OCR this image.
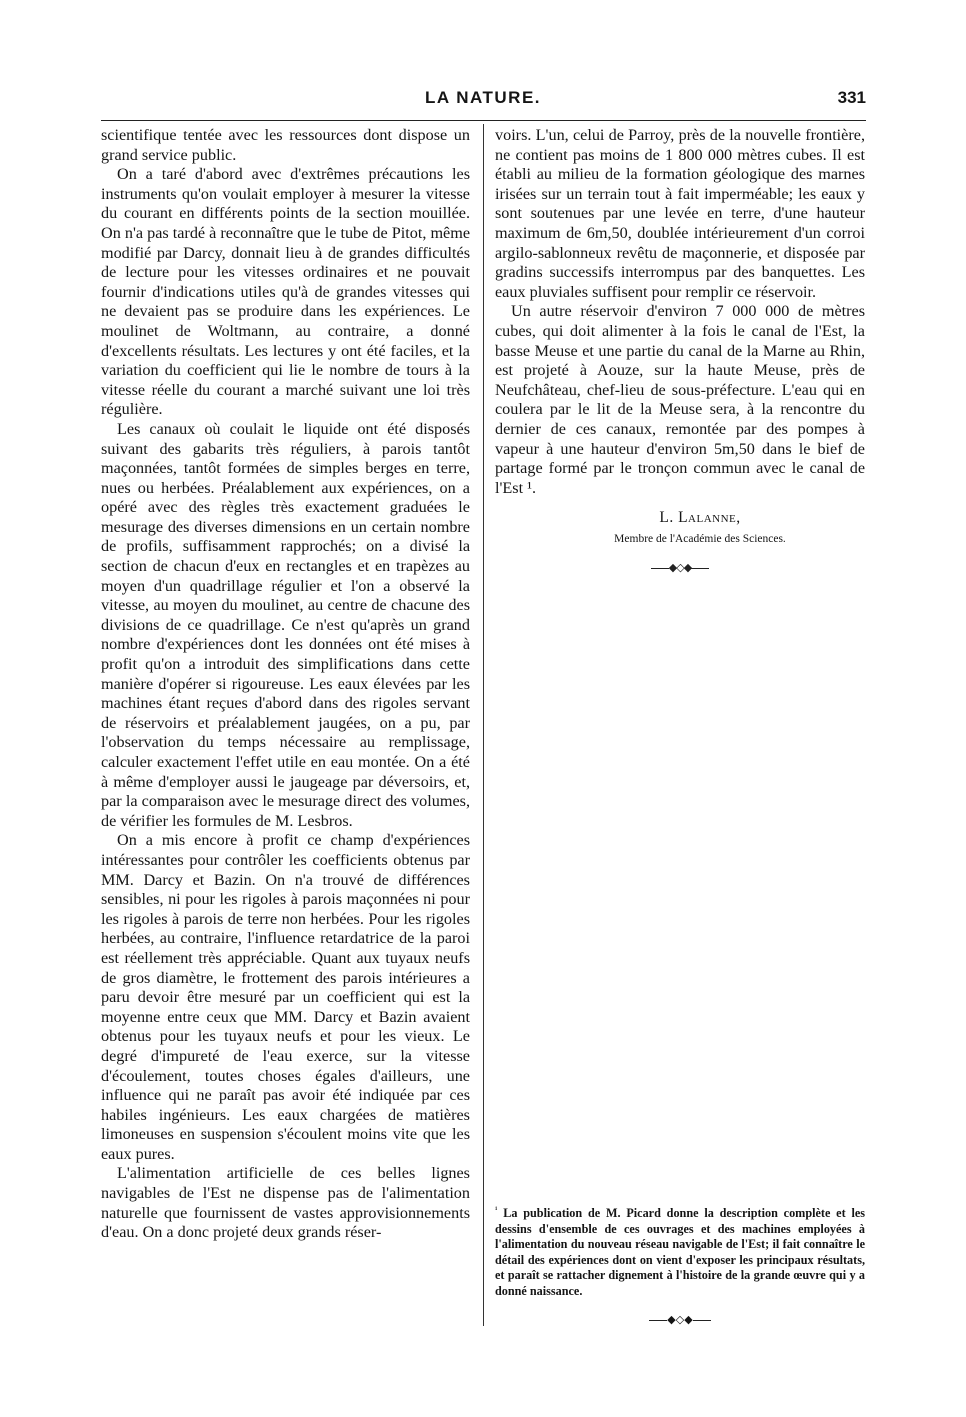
LA NATURE.	331

scientifique tentée avec les ressources dont dispose un grand service public.

On a taré d'abord avec d'extrêmes précautions les instruments qu'on voulait employer à mesurer la vitesse du courant en différents points de la section mouillée. On n'a pas tardé à reconnaître que le tube de Pitot, même modifié par Darcy, donnait lieu à de grandes difficultés de lecture pour les vitesses ordinaires et ne pouvait fournir d'indications utiles qu'à de grandes vitesses qui ne devaient pas se produire dans les expériences. Le moulinet de Woltmann, au contraire, a donné d'excellents résultats. Les lectures y ont été faciles, et la variation du coefficient qui lie le nombre de tours à la vitesse réelle du courant a marché suivant une loi très régulière.

Les canaux où coulait le liquide ont été disposés suivant des gabarits très réguliers, à parois tantôt maçonnées, tantôt formées de simples berges en terre, nues ou herbées. Préalablement aux expériences, on a opéré avec des règles très exactement graduées le mesurage des diverses dimensions en un certain nombre de profils, suffisamment rapprochés; on a divisé la section de chacun d'eux en rectangles et en trapèzes au moyen d'un quadrillage régulier et l'on a observé la vitesse, au moyen du moulinet, au centre de chacune des divisions de ce quadrillage. Ce n'est qu'après un grand nombre d'expériences dont les données ont été mises à profit qu'on a introduit des simplifications dans cette manière d'opérer si rigoureuse. Les eaux élevées par les machines étant reçues d'abord dans des rigoles servant de réservoirs et préalablement jaugées, on a pu, par l'observation du temps nécessaire au remplissage, calculer exactement l'effet utile en eau montée. On a été à même d'employer aussi le jaugeage par déversoirs, et, par la comparaison avec le mesurage direct des volumes, de vérifier les formules de M. Lesbros.

On a mis encore à profit ce champ d'expériences intéressantes pour contrôler les coefficients obtenus par MM. Darcy et Bazin. On n'a trouvé de différences sensibles, ni pour les rigoles à parois maçonnées ni pour les rigoles à parois de terre non herbées. Pour les rigoles herbées, au contraire, l'influence retardatrice de la paroi est réellement très appréciable. Quant aux tuyaux neufs de gros diamètre, le frottement des parois intérieures a paru devoir être mesuré par un coefficient qui est la moyenne entre ceux que MM. Darcy et Bazin avaient obtenus pour les tuyaux neufs et pour les vieux. Le degré d'impureté de l'eau exerce, sur la vitesse d'écoulement, toutes choses égales d'ailleurs, une influence qui ne paraît pas avoir été indiquée par ces habiles ingénieurs. Les eaux chargées de matières limoneuses en suspension s'écoulent moins vite que les eaux pures.

L'alimentation artificielle de ces belles lignes navigables de l'Est ne dispense pas de l'alimentation naturelle que fournissent de vastes approvisionnements d'eau. On a donc projeté deux grands réser-

voirs. L'un, celui de Parroy, près de la nouvelle frontière, ne contient pas moins de 1 800 000 mètres cubes. Il est établi au milieu de la formation géologique des marnes irisées sur un terrain tout à fait imperméable; les eaux y sont soutenues par une levée en terre, d'une hauteur maximum de 6m,50, doublée intérieurement d'un corroi argilo-sablonneux revêtu de maçonnerie, et disposée par gradins successifs interrompus par des banquettes. Les eaux pluviales suffisent pour remplir ce réservoir.

Un autre réservoir d'environ 7 000 000 de mètres cubes, qui doit alimenter à la fois le canal de l'Est, la basse Meuse et une partie du canal de la Marne au Rhin, est projeté à Aouze, sur la haute Meuse, près de Neufchâteau, chef-lieu de sous-préfecture. L'eau qui en coulera par le lit de la Meuse sera, à la rencontre du dernier de ces canaux, remontée par des pompes à vapeur à une hauteur d'environ 5m,50 dans le bief de partage formé par le tronçon commun avec le canal de l'Est ¹.

L. Lalanne,
Membre de l'Académie des Sciences.
◆◇◆
$^{^1}$ La publication de M. Picard donne la description complète et les dessins d'ensemble de ces ouvrages et des machines employées à l'alimentation du nouveau réseau navigable de l'Est; il fait connaître le détail des expériences dont on vient d'exposer les principaux résultats, et paraît se rattacher dignement à l'histoire de la grande œuvre qui y a donné naissance.
◆◇◆
